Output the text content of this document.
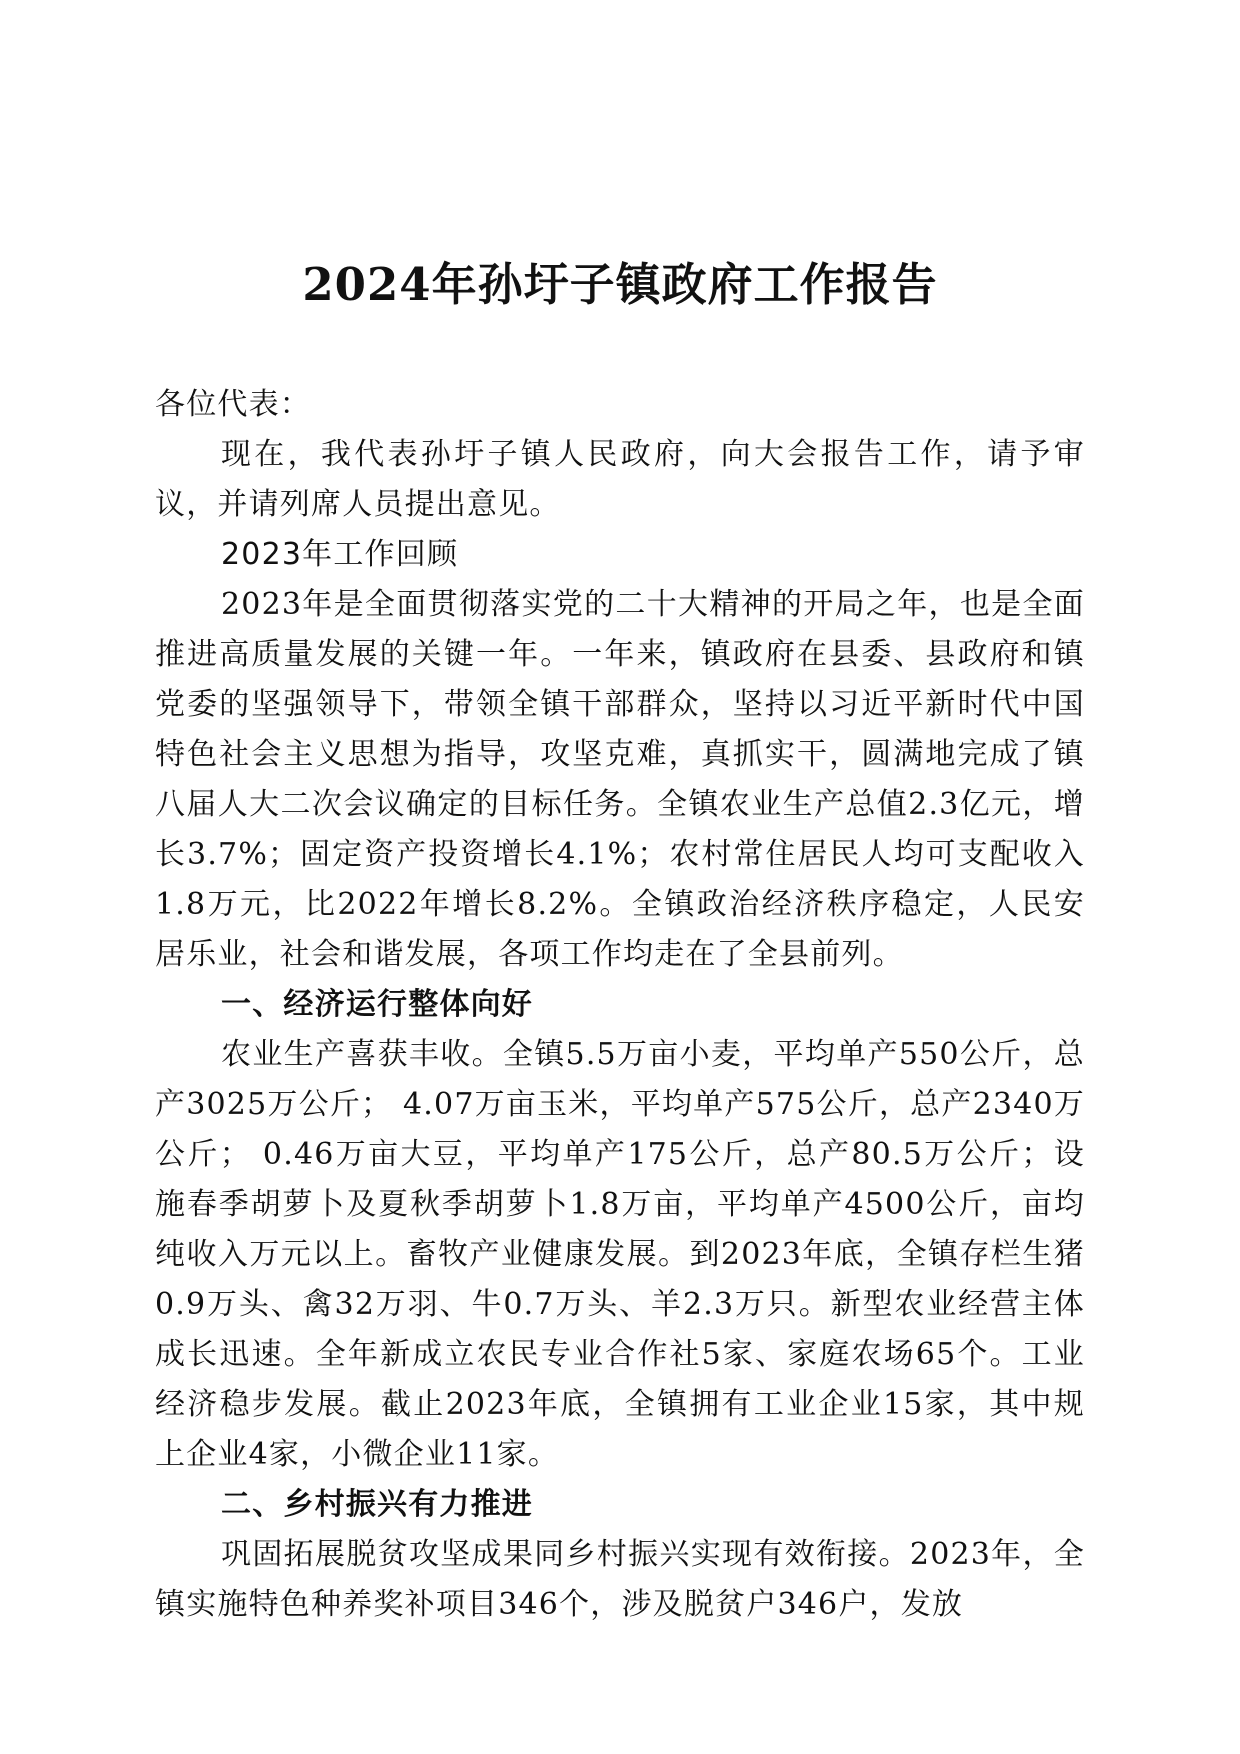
2024年孙圩子镇政府工作报告

各位代表：

现在，我代表孙圩子镇人民政府，向大会报告工作，请予审议，并请列席人员提出意见。

2023年工作回顾

2023年是全面贯彻落实党的二十大精神的开局之年，也是全面推进高质量发展的关键一年。一年来，镇政府在县委、县政府和镇党委的坚强领导下，带领全镇干部群众，坚持以习近平新时代中国特色社会主义思想为指导，攻坚克难，真抓实干，圆满地完成了镇八届人大二次会议确定的目标任务。全镇农业生产总值2.3亿元，增长3.7%；固定资产投资增长4.1%；农村常住居民人均可支配收入1.8万元，比2022年增长8.2%。全镇政治经济秩序稳定，人民安居乐业，社会和谐发展，各项工作均走在了全县前列。

一、经济运行整体向好

农业生产喜获丰收。全镇5.5万亩小麦，平均单产550公斤，总产3025万公斤； 4.07万亩玉米，平均单产575公斤，总产2340万公斤； 0.46万亩大豆，平均单产175公斤，总产80.5万公斤；设施春季胡萝卜及夏秋季胡萝卜1.8万亩，平均单产4500公斤，亩均纯收入万元以上。畜牧产业健康发展。到2023年底，全镇存栏生猪0.9万头、禽32万羽、牛0.7万头、羊2.3万只。新型农业经营主体成长迅速。全年新成立农民专业合作社5家、家庭农场65个。工业经济稳步发展。截止2023年底，全镇拥有工业企业15家，其中规上企业4家，小微企业11家。

二、乡村振兴有力推进

巩固拓展脱贫攻坚成果同乡村振兴实现有效衔接。2023年，全镇实施特色种养奖补项目346个，涉及脱贫户346户，发放
